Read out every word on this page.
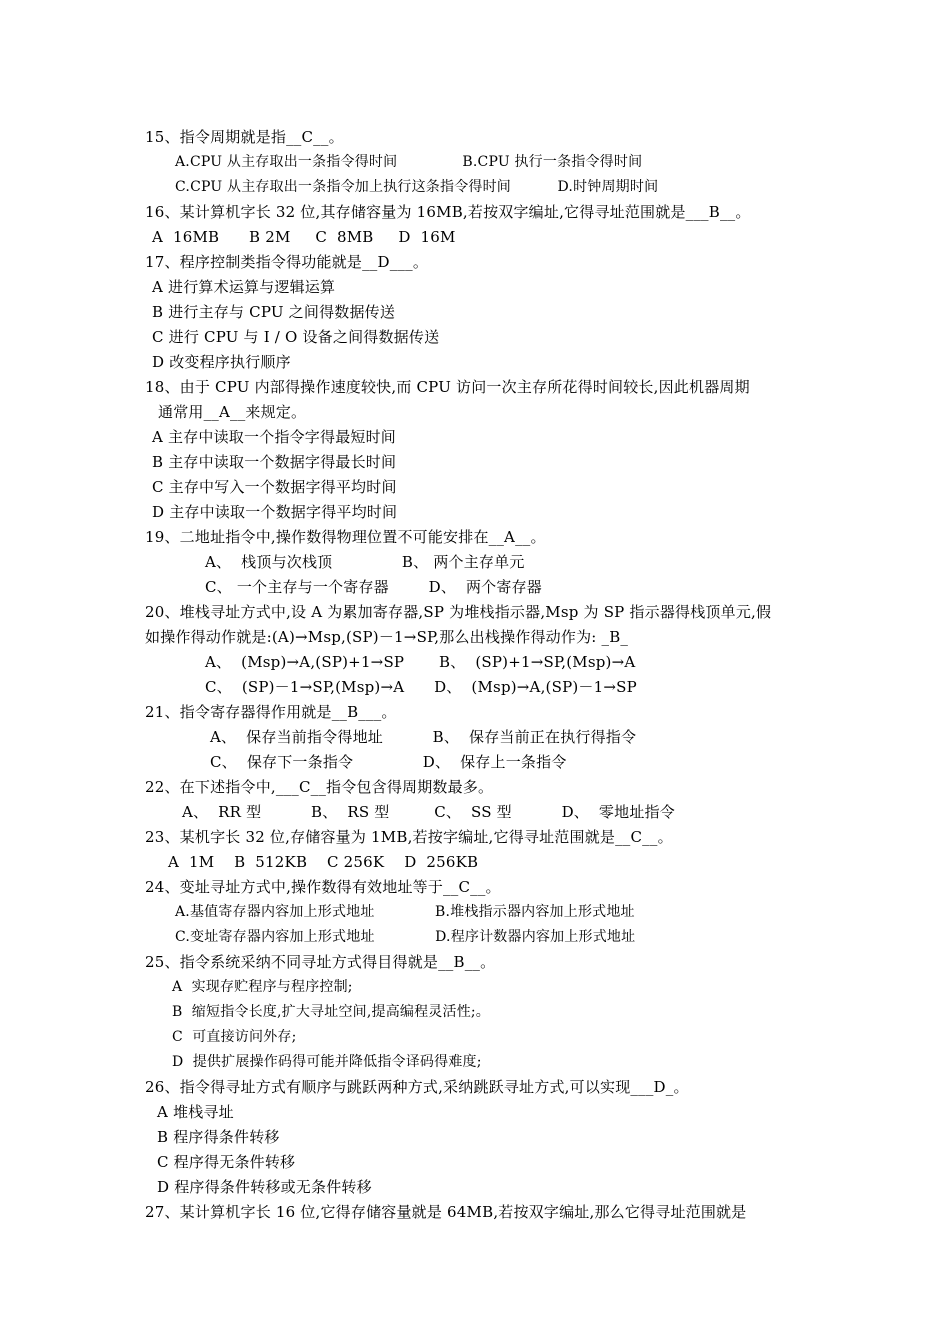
15、指令周期就是指__C__。
A.CPU 从主存取出一条指令得时间              B.CPU 执行一条指令得时间
C.CPU 从主存取出一条指令加上执行这条指令得时间          D.时钟周期时间
16、某计算机字长 32 位,其存储容量为 16MB,若按双字编址,它得寻址范围就是___B__。
A  16MB      B 2M     C  8MB     D  16M
17、程序控制类指令得功能就是__D___。
A 进行算术运算与逻辑运算
B 进行主存与 CPU 之间得数据传送
C 进行 CPU 与 I / O 设备之间得数据传送
D 改变程序执行顺序
18、由于 CPU 内部得操作速度较快,而 CPU 访问一次主存所花得时间较长,因此机器周期
通常用__A__来规定。
A 主存中读取一个指令字得最短时间
B 主存中读取一个数据字得最长时间
C 主存中写入一个数据字得平均时间
D 主存中读取一个数据字得平均时间
19、二地址指令中,操作数得物理位置不可能安排在__A__。
A、  栈顶与次栈顶              B、 两个主存单元
C、 一个主存与一个寄存器        D、  两个寄存器
20、堆栈寻址方式中,设 A 为累加寄存器,SP 为堆栈指示器,Msp 为 SP 指示器得栈顶单元,假
如操作得动作就是:(A)→Msp,(SP)－1→SP,那么出栈操作得动作为: _B_
A、  (Msp)→A,(SP)+1→SP       B、  (SP)+1→SP,(Msp)→A
C、  (SP)－1→SP,(Msp)→A      D、  (Msp)→A,(SP)－1→SP
21、指令寄存器得作用就是__B___。
A、  保存当前指令得地址          B、  保存当前正在执行得指令
C、  保存下一条指令              D、  保存上一条指令
22、在下述指令中,___C__指令包含得周期数最多。
A、  RR 型          B、  RS 型         C、  SS 型          D、  零地址指令
23、某机字长 32 位,存储容量为 1MB,若按字编址,它得寻址范围就是__C__。
A  1M    B  512KB    C 256K    D  256KB
24、变址寻址方式中,操作数得有效地址等于__C__。
A.基值寄存器内容加上形式地址             B.堆栈指示器内容加上形式地址
C.变址寄存器内容加上形式地址             D.程序计数器内容加上形式地址
25、指令系统采纳不同寻址方式得目得就是__B__。
A  实现存贮程序与程序控制;
B  缩短指令长度,扩大寻址空间,提高编程灵活性;。
C  可直接访问外存;
D  提供扩展操作码得可能并降低指令译码得难度;
26、指令得寻址方式有顺序与跳跃两种方式,采纳跳跃寻址方式,可以实现___D_。
A 堆栈寻址
B 程序得条件转移
C 程序得无条件转移
D 程序得条件转移或无条件转移
27、某计算机字长 16 位,它得存储容量就是 64MB,若按双字编址,那么它得寻址范围就是
